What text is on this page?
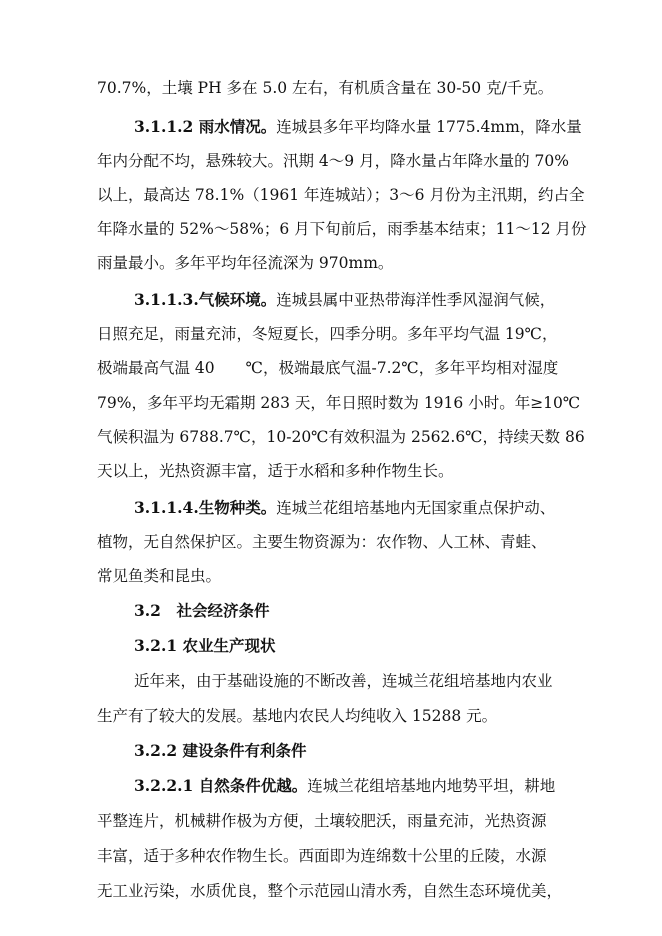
70.7%，土壤 PH 多在 5.0 左右，有机质含量在 30-50 克/千克。
3.1.1.2 雨水情况。连城县多年平均降水量 1775.4mm，降水量
年内分配不均，悬殊较大。汛期 4～9 月，降水量占年降水量的 70%
以上，最高达 78.1%（1961 年连城站）；3～6 月份为主汛期，约占全
年降水量的 52%～58%；6 月下旬前后，雨季基本结束；11～12 月份
雨量最小。多年平均年径流深为 970mm。
3.1.1.3.气候环境。连城县属中亚热带海洋性季风湿润气候，
日照充足，雨量充沛，冬短夏长，四季分明。多年平均气温 19℃，
极端最高气温 40　　℃，极端最底气温-7.2℃，多年平均相对湿度
79%，多年平均无霜期 283 天，年日照时数为 1916 小时。年≥10℃
气候积温为 6788.7℃，10-20℃有效积温为 2562.6℃，持续天数 86
天以上，光热资源丰富，适于水稻和多种作物生长。
3.1.1.4.生物种类。连城兰花组培基地内无国家重点保护动、
植物，无自然保护区。主要生物资源为：农作物、人工林、青蛙、
常见鱼类和昆虫。
3.2　社会经济条件
3.2.1 农业生产现状
近年来，由于基础设施的不断改善，连城兰花组培基地内农业
生产有了较大的发展。基地内农民人均纯收入 15288 元。
3.2.2 建设条件有利条件
3.2.2.1 自然条件优越。连城兰花组培基地内地势平坦，耕地
平整连片，机械耕作极为方便，土壤较肥沃，雨量充沛，光热资源
丰富，适于多种农作物生长。西面即为连绵数十公里的丘陵，水源
无工业污染，水质优良，整个示范园山清水秀，自然生态环境优美，
